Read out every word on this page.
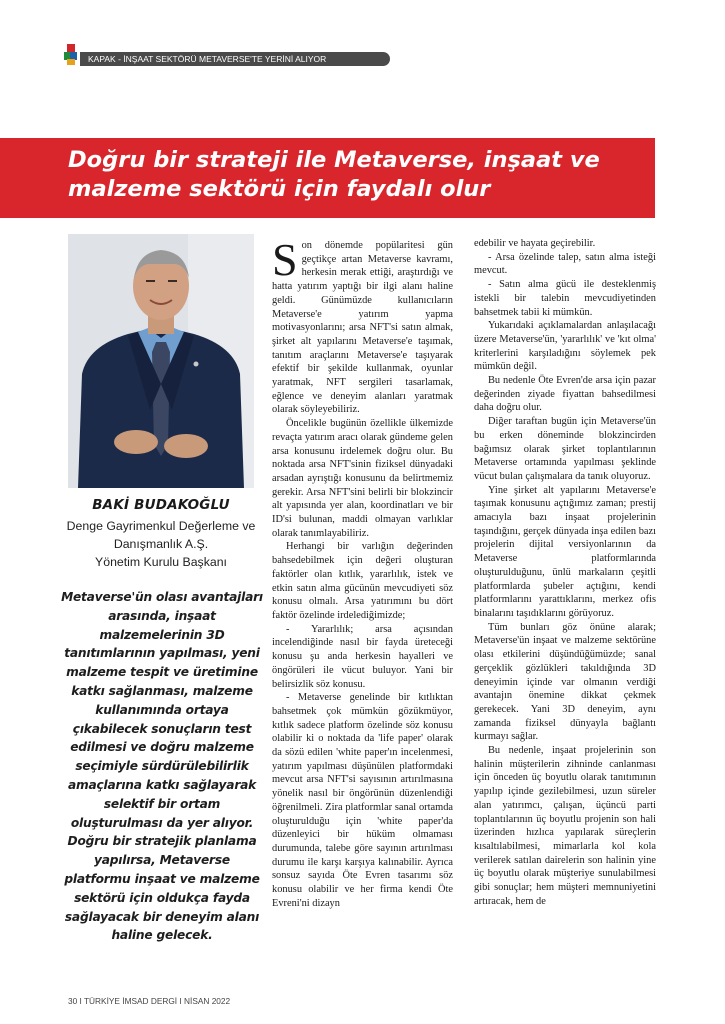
KAPAK - İNŞAAT SEKTÖRÜ METAVERSE'TE YERİNİ ALIYOR
Doğru bir strateji ile Metaverse, inşaat ve malzeme sektörü için faydalı olur
BAKİ BUDAKOĞLU
Denge Gayrimenkul Değerleme ve
Danışmanlık A.Ş.
Yönetim Kurulu Başkanı
Metaverse'ün olası avantajları arasında, inşaat malzemelerinin 3D tanıtımlarının yapılması, yeni malzeme tespit ve üretimine katkı sağlanması, malzeme kullanımında ortaya çıkabilecek sonuçların test edilmesi ve doğru malzeme seçimiyle sürdürülebilirlik amaçlarına katkı sağlayarak selektif bir ortam oluşturulması da yer alıyor. Doğru bir stratejik planlama yapılırsa, Metaverse platformu inşaat ve malzeme sektörü için oldukça fayda sağlayacak bir deneyim alanı haline gelecek.

Son dönemde popülaritesi gün geçtikçe artan Metaverse kavramı, herkesin merak ettiği, araştırdığı ve hatta yatırım yaptığı bir ilgi alanı haline geldi. Günümüzde kullanıcıların Metaverse'e yatırım yapma motivasyonlarını; arsa NFT'si satın almak, şirket alt yapılarını Metaverse'e taşımak, tanıtım araçlarını Metaverse'e taşıyarak efektif bir şekilde kullanmak, oyunlar yaratmak, NFT sergileri tasarlamak, eğlence ve deneyim alanları yaratmak olarak söyleyebiliriz.

Öncelikle bugünün özellikle ülkemizde revaçta yatırım aracı olarak gündeme gelen arsa konusunu irdelemek doğru olur. Bu noktada arsa NFT'sinin fiziksel dünyadaki arsadan ayrıştığı konusunu da belirtmemiz gerekir. Arsa NFT'sini belirli bir blokzincir alt yapısında yer alan, koordinatları ve bir ID'si bulunan, maddi olmayan varlıklar olarak tanımlayabiliriz.

Herhangi bir varlığın değerinden bahsedebilmek için değeri oluşturan faktörler olan kıtlık, yararlılık, istek ve etkin satın alma gücünün mevcudiyeti söz konusu olmalı. Arsa yatırımını bu dört faktör özelinde irdelediğimizde;

- Yararlılık; arsa açısından incelendiğinde nasıl bir fayda üreteceği konusu şu anda herkesin hayalleri ve öngörüleri ile vücut buluyor. Yani bir belirsizlik söz konusu.

- Metaverse genelinde bir kıtlıktan bahsetmek çok mümkün gözükmüyor, kıtlık sadece platform özelinde söz konusu olabilir ki o noktada da 'life paper' olarak da sözü edilen 'white paper'ın incelenmesi, yatırım yapılması düşünülen platformdaki mevcut arsa NFT'si sayısının artırılmasına yönelik nasıl bir öngörünün düzenlendiği öğrenilmeli. Zira platformlar sanal ortamda oluşturulduğu için 'white paper'da düzenleyici bir hüküm olmaması durumunda, talebe göre sayının artırılması durumu ile karşı karşıya kalınabilir. Ayrıca sonsuz sayıda Öte Evren tasarımı söz konusu olabilir ve her firma kendi Öte Evreni'ni dizayn

edebilir ve hayata geçirebilir.

- Arsa özelinde talep, satın alma isteği mevcut.

- Satın alma gücü ile desteklenmiş istekli bir talebin mevcudiyetinden bahsetmek tabii ki mümkün.

Yukarıdaki açıklamalardan anlaşılacağı üzere Metaverse'ün, 'yararlılık' ve 'kıt olma' kriterlerini karşıladığını söylemek pek mümkün değil.

Bu nedenle Öte Evren'de arsa için pazar değerinden ziyade fiyattan bahsedilmesi daha doğru olur.

Diğer taraftan bugün için Metaverse'ün bu erken döneminde blokzincirden bağımsız olarak şirket toplantılarının Metaverse ortamında yapılması şeklinde vücut bulan çalışmalara da tanık oluyoruz.

Yine şirket alt yapılarını Metaverse'e taşımak konusunu açtığımız zaman; prestij amacıyla bazı inşaat projelerinin taşındığını, gerçek dünyada inşa edilen bazı projelerin dijital versiyonlarının da Metaverse platformlarında oluşturulduğunu, ünlü markaların çeşitli platformlarda şubeler açtığını, kendi platformlarını yarattıklarını, merkez ofis binalarını taşıdıklarını görüyoruz.

Tüm bunları göz önüne alarak; Metaverse'ün inşaat ve malzeme sektörüne olası etkilerini düşündüğümüzde; sanal gerçeklik gözlükleri takıldığında 3D deneyimin içinde var olmanın verdiği avantajın önemine dikkat çekmek gerekecek. Yani 3D deneyim, aynı zamanda fiziksel dünyayla bağlantı kurmayı sağlar.

Bu nedenle, inşaat projelerinin son halinin müşterilerin zihninde canlanması için önceden üç boyutlu olarak tanıtımının yapılıp içinde gezilebilmesi, uzun süreler alan yatırımcı, çalışan, üçüncü parti toplantılarının üç boyutlu projenin son hali üzerinden hızlıca yapılarak süreçlerin kısaltılabilmesi, mimarlarla kol kola verilerek satılan dairelerin son halinin yine üç boyutlu olarak müşteriye sunulabilmesi gibi sonuçlar; hem müşteri memnuniyetini artıracak, hem de

30 I TÜRKİYE İMSAD DERGİ I NİSAN 2022
